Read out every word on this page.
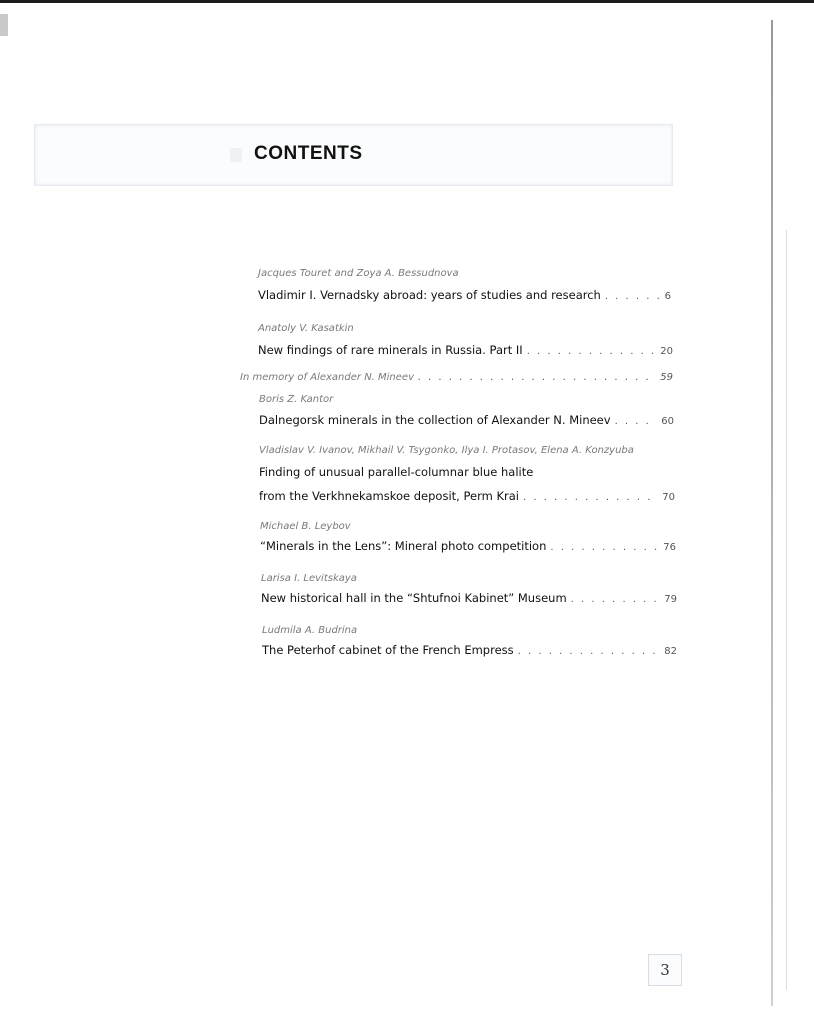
CONTENTS
Jacques Touret and Zoya A. Bessudnova
Vladimir I. Vernadsky abroad: years of studies and research . . .	6
Anatoly V. Kasatkin
New findings of rare minerals in Russia. Part II . . .	20
In memory of Alexander N. Mineev . . .	59
Boris Z. Kantor
Dalnegorsk minerals in the collection of Alexander N. Mineev . . .	60
Vladislav V. Ivanov, Mikhail V. Tsygonko, Ilya I. Protasov, Elena A. Konzyuba
Finding of unusual parallel-columnar blue halite
from the Verkhnekamskoe deposit, Perm Krai . . .	70
Michael B. Leybov
“Minerals in the Lens”: Mineral photo competition . . .	76
Larisa I. Levitskaya
New historical hall in the “Shtufnoi Kabinet” Museum . . .	79
Ludmila A. Budrina
The Peterhof cabinet of the French Empress . . .	82
3
